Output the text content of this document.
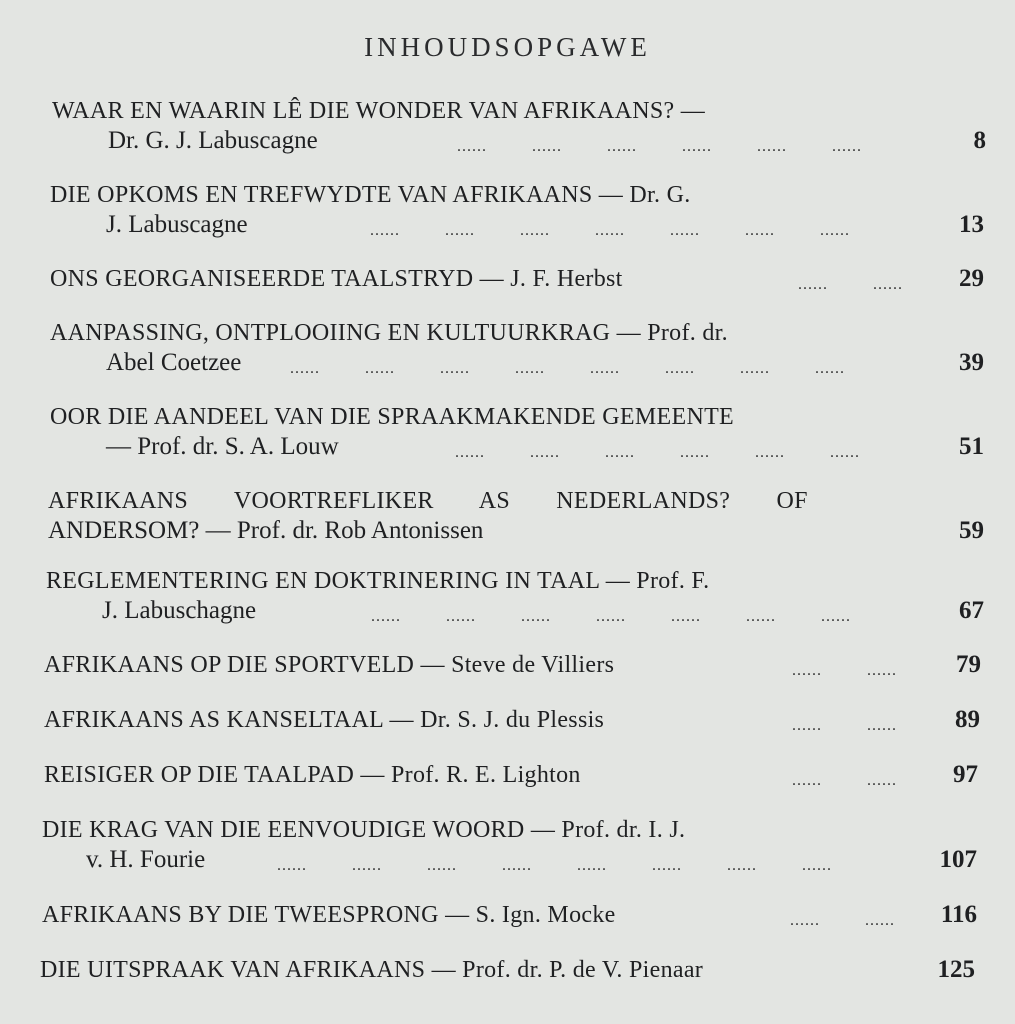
INHOUDSOPGAWE
WAAR EN WAARIN LÊ DIE WONDER VAN AFRIKAANS? —
Dr. G. J. Labuscagne	......         ......         ......         ......         ......         ......	8
DIE OPKOMS EN TREFWYDTE VAN AFRIKAANS — Dr. G.
J. Labuscagne	......         ......         ......         ......         ......         ......         ......	13
ONS GEORGANISEERDE TAALSTRYD — J. F. Herbst	......         ......	29
AANPASSING, ONTPLOOIING EN KULTUURKRAG — Prof. dr.
Abel Coetzee	......         ......         ......         ......         ......         ......         ......         ......	39
OOR DIE AANDEEL VAN DIE SPRAAKMAKENDE GEMEENTE
— Prof. dr. S. A. Louw	......         ......         ......         ......         ......         ......	51
AFRIKAANS VOORTREFLIKER AS NEDERLANDS? OF
ANDERSOM? — Prof. dr. Rob Antonissen	59
REGLEMENTERING EN DOKTRINERING IN TAAL — Prof. F.
J. Labuschagne	......         ......         ......         ......         ......         ......         ......	67
AFRIKAANS OP DIE SPORTVELD — Steve de Villiers	......         ......	79
AFRIKAANS AS KANSELTAAL — Dr. S. J. du Plessis	......         ......	89
REISIGER OP DIE TAALPAD — Prof. R. E. Lighton	......         ......	97
DIE KRAG VAN DIE EENVOUDIGE WOORD — Prof. dr. I. J.
v. H. Fourie	......         ......         ......         ......         ......         ......         ......         ......	107
AFRIKAANS BY DIE TWEESPRONG — S. Ign. Mocke	......         ......	116
DIE UITSPRAAK VAN AFRIKAANS — Prof. dr. P. de V. Pienaar	125
